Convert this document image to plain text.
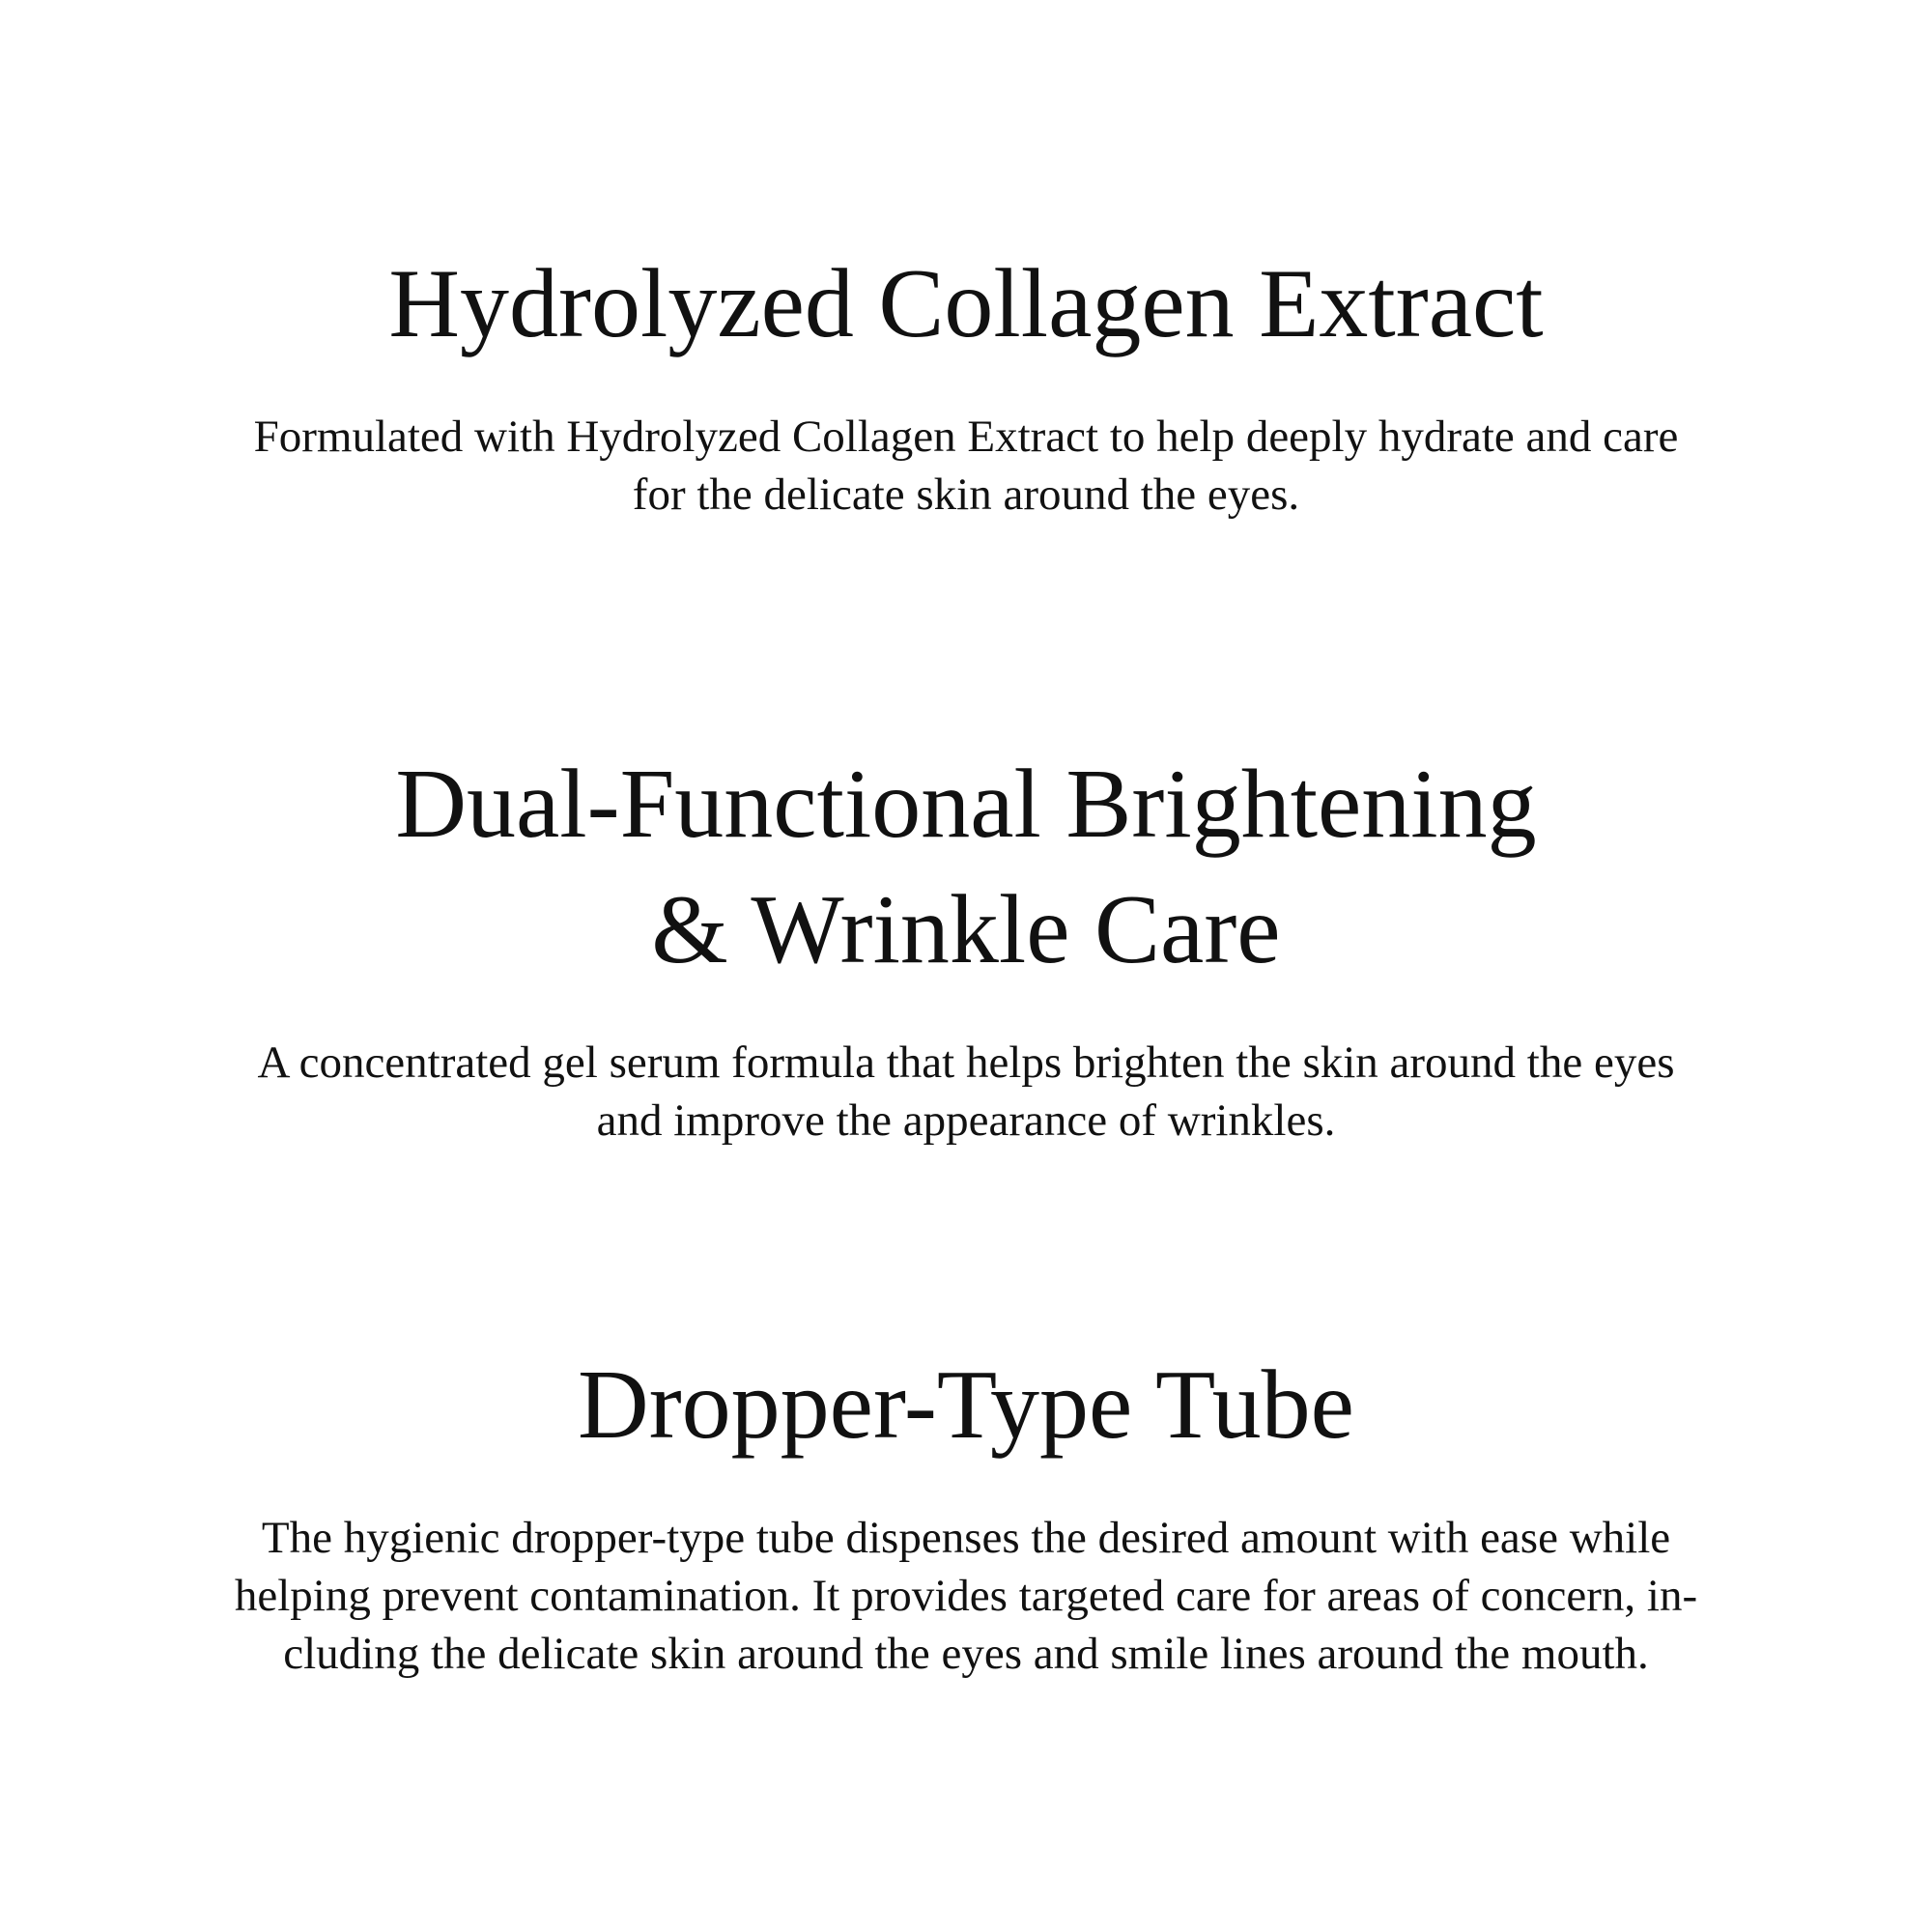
Hydrolyzed Collagen Extract

Formulated with Hydrolyzed Collagen Extract to help deeply hydrate and care
for the delicate skin around the eyes.

Dual-Functional Brightening
& Wrinkle Care

A concentrated gel serum formula that helps brighten the skin around the eyes
and improve the appearance of wrinkles.

Dropper-Type Tube

The hygienic dropper-type tube dispenses the desired amount with ease while
helping prevent contamination. It provides targeted care for areas of concern, in-
cluding the delicate skin around the eyes and smile lines around the mouth.
